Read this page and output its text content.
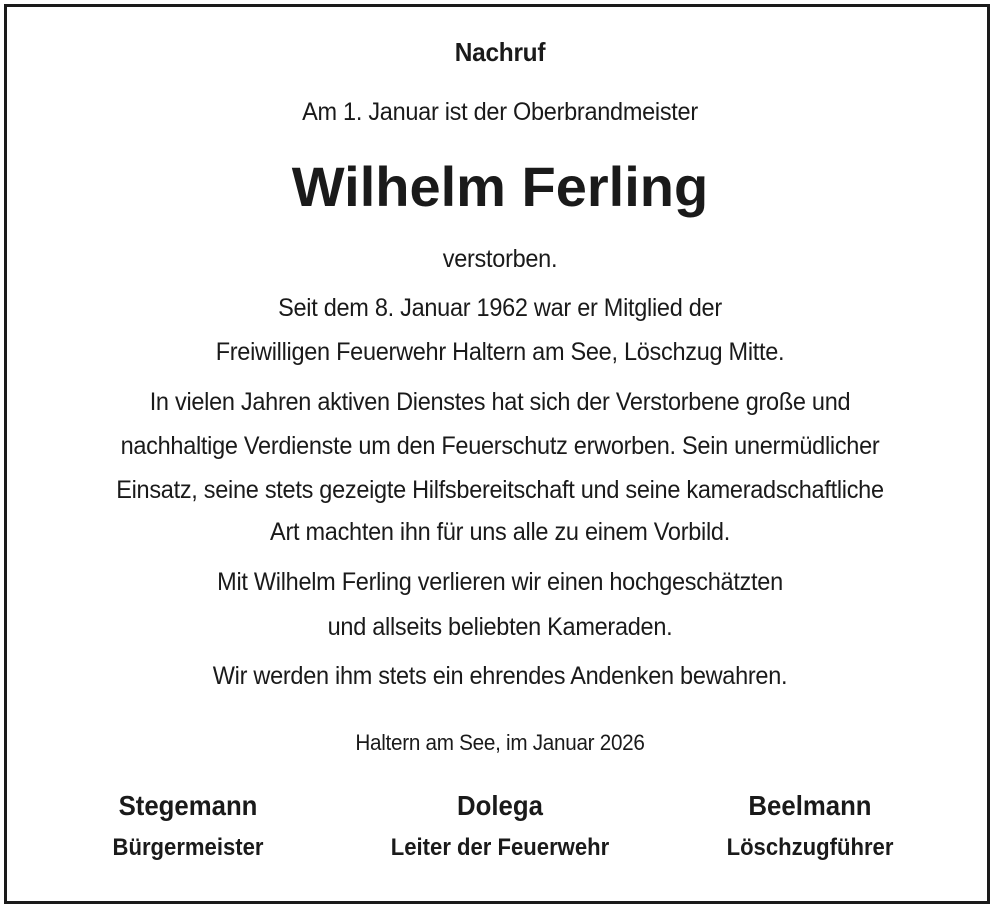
Nachruf
Am 1. Januar ist der Oberbrandmeister
Wilhelm Ferling
verstorben.
Seit dem 8. Januar 1962 war er Mitglied der
Freiwilligen Feuerwehr Haltern am See, Löschzug Mitte.
In vielen Jahren aktiven Dienstes hat sich der Verstorbene große und
nachhaltige Verdienste um den Feuerschutz erworben. Sein unermüdlicher
Einsatz, seine stets gezeigte Hilfsbereitschaft und seine kameradschaftliche
Art machten ihn für uns alle zu einem Vorbild.
Mit Wilhelm Ferling verlieren wir einen hochgeschätzten
und allseits beliebten Kameraden.
Wir werden ihm stets ein ehrendes Andenken bewahren.
Haltern am See, im Januar 2026
Stegemann
Bürgermeister
Dolega
Leiter der Feuerwehr
Beelmann
Löschzugführer
